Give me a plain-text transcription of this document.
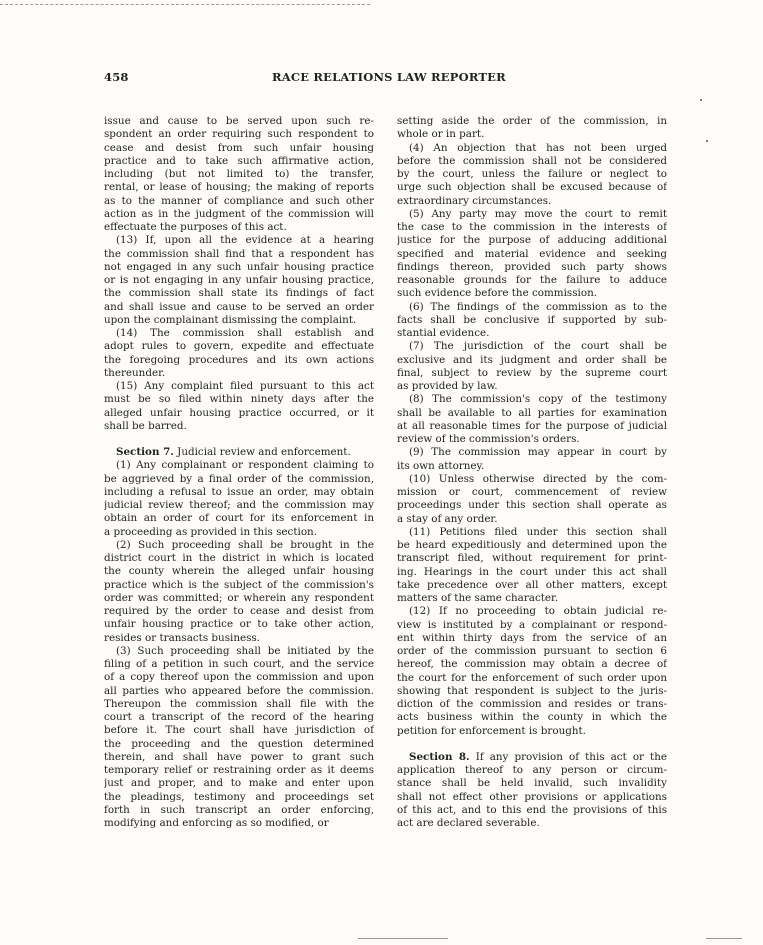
458	RACE RELATIONS LAW REPORTER
issue and cause to be served upon such re-
spondent an order requiring such respondent to
cease and desist from such unfair housing
practice and to take such affirmative action,
including (but not limited to) the transfer,
rental, or lease of housing; the making of reports
as to the manner of compliance and such other
action as in the judgment of the commission will
effectuate the purposes of this act.
(13) If, upon all the evidence at a hearing
the commission shall find that a respondent has
not engaged in any such unfair housing practice
or is not engaging in any unfair housing practice,
the commission shall state its findings of fact
and shall issue and cause to be served an order
upon the complainant dismissing the complaint.
(14) The commission shall establish and
adopt rules to govern, expedite and effectuate
the foregoing procedures and its own actions
thereunder.
(15) Any complaint filed pursuant to this act
must be so filed within ninety days after the
alleged unfair housing practice occurred, or it
shall be barred.
Section 7. Judicial review and enforcement.
(1) Any complainant or respondent claiming to
be aggrieved by a final order of the commission,
including a refusal to issue an order, may obtain
judicial review thereof; and the commission may
obtain an order of court for its enforcement in
a proceeding as provided in this section.
(2) Such proceeding shall be brought in the
district court in the district in which is located
the county wherein the alleged unfair housing
practice which is the subject of the commission's
order was committed; or wherein any respondent
required by the order to cease and desist from
unfair housing practice or to take other action,
resides or transacts business.
(3) Such proceeding shall be initiated by the
filing of a petition in such court, and the service
of a copy thereof upon the commission and upon
all parties who appeared before the commission.
Thereupon the commission shall file with the
court a transcript of the record of the hearing
before it. The court shall have jurisdiction of
the proceeding and the question determined
therein, and shall have power to grant such
temporary relief or restraining order as it deems
just and proper, and to make and enter upon
the pleadings, testimony and proceedings set
forth in such transcript an order enforcing,
modifying and enforcing as so modified, or
setting aside the order of the commission, in
whole or in part.
(4) An objection that has not been urged
before the commission shall not be considered
by the court, unless the failure or neglect to
urge such objection shall be excused because of
extraordinary circumstances.
(5) Any party may move the court to remit
the case to the commission in the interests of
justice for the purpose of adducing additional
specified and material evidence and seeking
findings thereon, provided such party shows
reasonable grounds for the failure to adduce
such evidence before the commission.
(6) The findings of the commission as to the
facts shall be conclusive if supported by sub-
stantial evidence.
(7) The jurisdiction of the court shall be
exclusive and its judgment and order shall be
final, subject to review by the supreme court
as provided by law.
(8) The commission's copy of the testimony
shall be available to all parties for examination
at all reasonable times for the purpose of judicial
review of the commission's orders.
(9) The commission may appear in court by
its own attorney.
(10) Unless otherwise directed by the com-
mission or court, commencement of review
proceedings under this section shall operate as
a stay of any order.
(11) Petitions filed under this section shall
be heard expeditiously and determined upon the
transcript filed, without requirement for print-
ing. Hearings in the court under this act shall
take precedence over all other matters, except
matters of the same character.
(12) If no proceeding to obtain judicial re-
view is instituted by a complainant or respond-
ent within thirty days from the service of an
order of the commission pursuant to section 6
hereof, the commission may obtain a decree of
the court for the enforcement of such order upon
showing that respondent is subject to the juris-
diction of the commission and resides or trans-
acts business within the county in which the
petition for enforcement is brought.
Section 8. If any provision of this act or the
application thereof to any person or circum-
stance shall be held invalid, such invalidity
shall not effect other provisions or applications
of this act, and to this end the provisions of this
act are declared severable.
